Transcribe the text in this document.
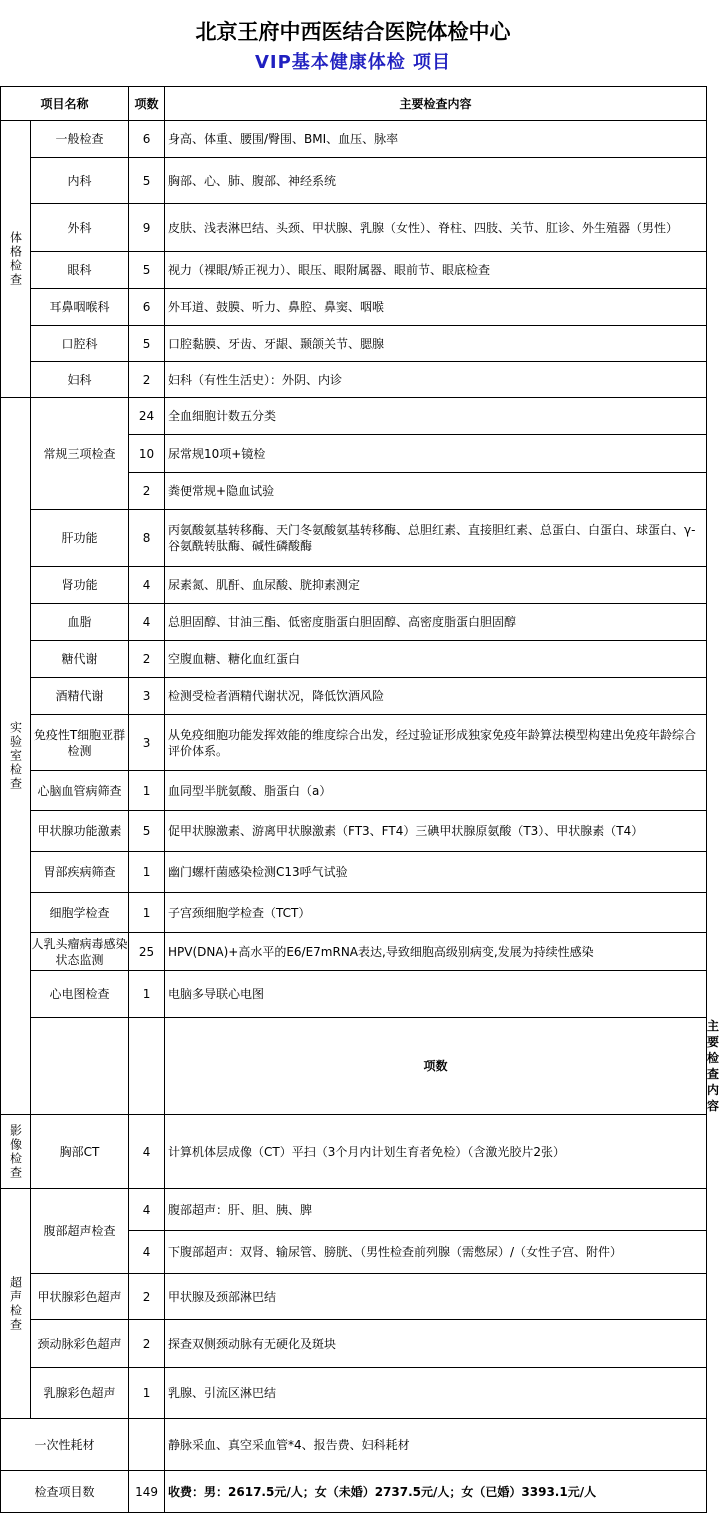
北京王府中西医结合医院体检中心
VIP基本健康体检 项目
项目名称		项数	主要检查内容	

体格检查	一般检查	6	身高、体重、腰围/臀围、BMI、血压、脉率	
	内科	5	胸部、心、肺、腹部、神经系统	
	外科	9	皮肤、浅表淋巴结、头颈、甲状腺、乳腺（女性）、脊柱、四肢、关节、肛诊、外生殖器（男性）	
	眼科	5	视力（裸眼/矫正视力）、眼压、眼附属器、眼前节、眼底检查	
	耳鼻咽喉科	6	外耳道、鼓膜、听力、鼻腔、鼻窦、咽喉	
	口腔科	5	口腔黏膜、牙齿、牙龈、颞颌关节、腮腺	
	妇科	2	妇科（有性生活史）：外阴、内诊	

实验室检查	常规三项检查	24	全血细胞计数五分类	
		10	尿常规10项+镜检	
		2	粪便常规+隐血试验	
	肝功能	8	丙氨酸氨基转移酶、天门冬氨酸氨基转移酶、总胆红素、直接胆红素、总蛋白、白蛋白、球蛋白、γ-谷氨酰转肽酶、碱性磷酸酶	
	肾功能	4	尿素氮、肌酐、血尿酸、胱抑素测定	
	血脂	4	总胆固醇、甘油三酯、低密度脂蛋白胆固醇、高密度脂蛋白胆固醇	
	糖代谢	2	空腹血糖、糖化血红蛋白	
	酒精代谢	3	检测受检者酒精代谢状况，降低饮酒风险	
	免疫性T细胞亚群检测	3	从免疫细胞功能发挥效能的维度综合出发，经过验证形成独家免疫年龄算法模型构建出免疫年龄综合评价体系。	
	心脑血管病筛查	1	血同型半胱氨酸、脂蛋白（a）	
	甲状腺功能激素	5	促甲状腺激素、游离甲状腺激素（FT3、FT4）三碘甲状腺原氨酸（T3）、甲状腺素（T4）	
	胃部疾病筛查	1	幽门螺杆菌感染检测C13呼气试验	
	细胞学检查	1	子宫颈细胞学检查（TCT）	
	人乳头瘤病毒感染状态监测	25	HPV(DNA)+高水平的E6/E7mRNA表达,导致细胞高级别病变,发展为持续性感染	
	心电图检查	1	电脑多导联心电图	
			项数	主要检查内容

影像检查	胸部CT	4	计算机体层成像（CT）平扫（3个月内计划生育者免检）（含激光胶片2张）	

超声检查	腹部超声检查	4	腹部超声：肝、胆、胰、脾	
		4	下腹部超声：双肾、输尿管、膀胱、（男性检查前列腺（需憋尿）/（女性子宫、附件）	
	甲状腺彩色超声	2	甲状腺及颈部淋巴结	
	颈动脉彩色超声	2	探查双侧颈动脉有无硬化及斑块	
	乳腺彩色超声	1	乳腺、引流区淋巴结	
一次性耗材			静脉采血、真空采血管*4、报告费、妇科耗材	
检查项目数		149	收费：男：2617.5元/人；女（未婚）2737.5元/人；女（已婚）3393.1元/人	
